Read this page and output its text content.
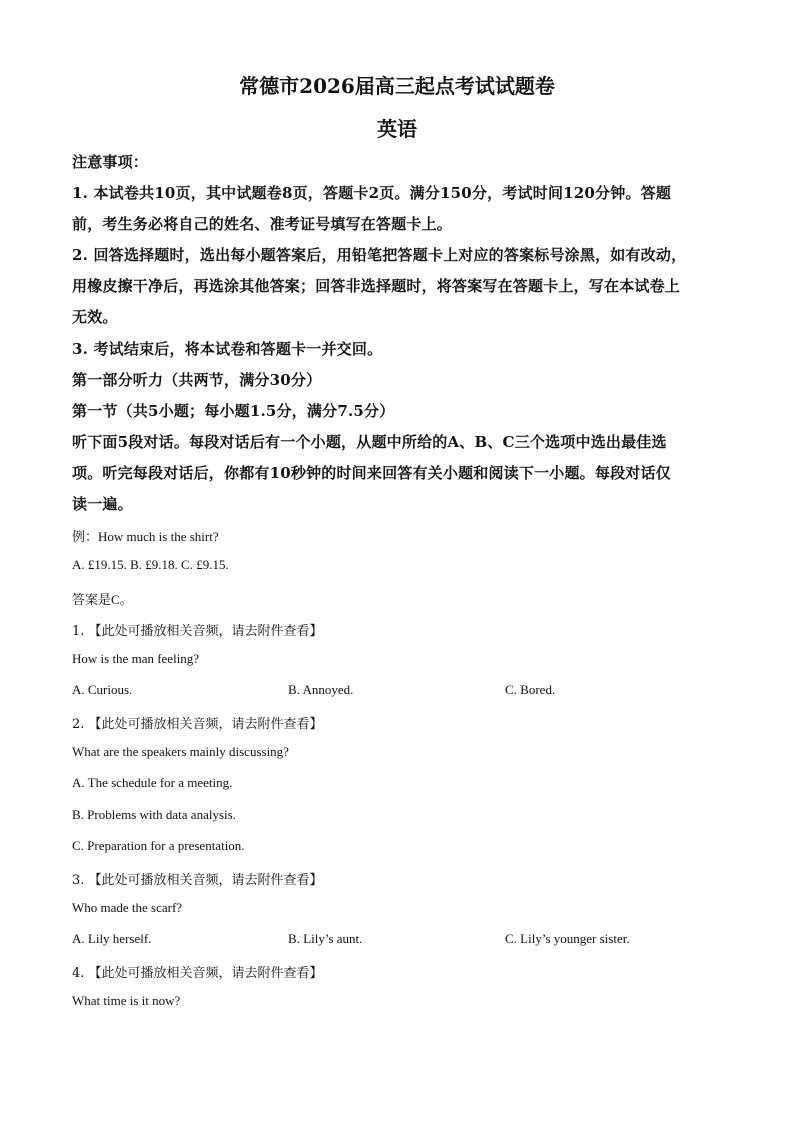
常德市2026届高三起点考试试题卷
英语
注意事项：
1. 本试卷共10页，其中试题卷8页，答题卡2页。满分150分，考试时间120分钟。答题
前，考生务必将自己的姓名、准考证号填写在答题卡上。
2. 回答选择题时，选出每小题答案后，用铅笔把答题卡上对应的答案标号涂黑，如有改动，
用橡皮擦干净后，再选涂其他答案；回答非选择题时，将答案写在答题卡上，写在本试卷上
无效。
3. 考试结束后，将本试卷和答题卡一并交回。
第一部分听力（共两节，满分30分）
第一节（共5小题；每小题1.5分，满分7.5分）
听下面5段对话。每段对话后有一个小题，从题中所给的A、B、C三个选项中选出最佳选
项。听完每段对话后，你都有10秒钟的时间来回答有关小题和阅读下一小题。每段对话仅
读一遍。
例：How much is the shirt?
A. £19.15. B. £9.18. C. £9.15.
答案是C。
1. 【此处可播放相关音频，请去附件查看】
How is the man feeling?
A. Curious.	B. Annoyed.	C. Bored.
2. 【此处可播放相关音频，请去附件查看】
What are the speakers mainly discussing?
A. The schedule for a meeting.
B. Problems with data analysis.
C. Preparation for a presentation.
3. 【此处可播放相关音频，请去附件查看】
Who made the scarf?
A. Lily herself.	B. Lily’s aunt.	C. Lily’s younger sister.
4. 【此处可播放相关音频，请去附件查看】
What time is it now?
